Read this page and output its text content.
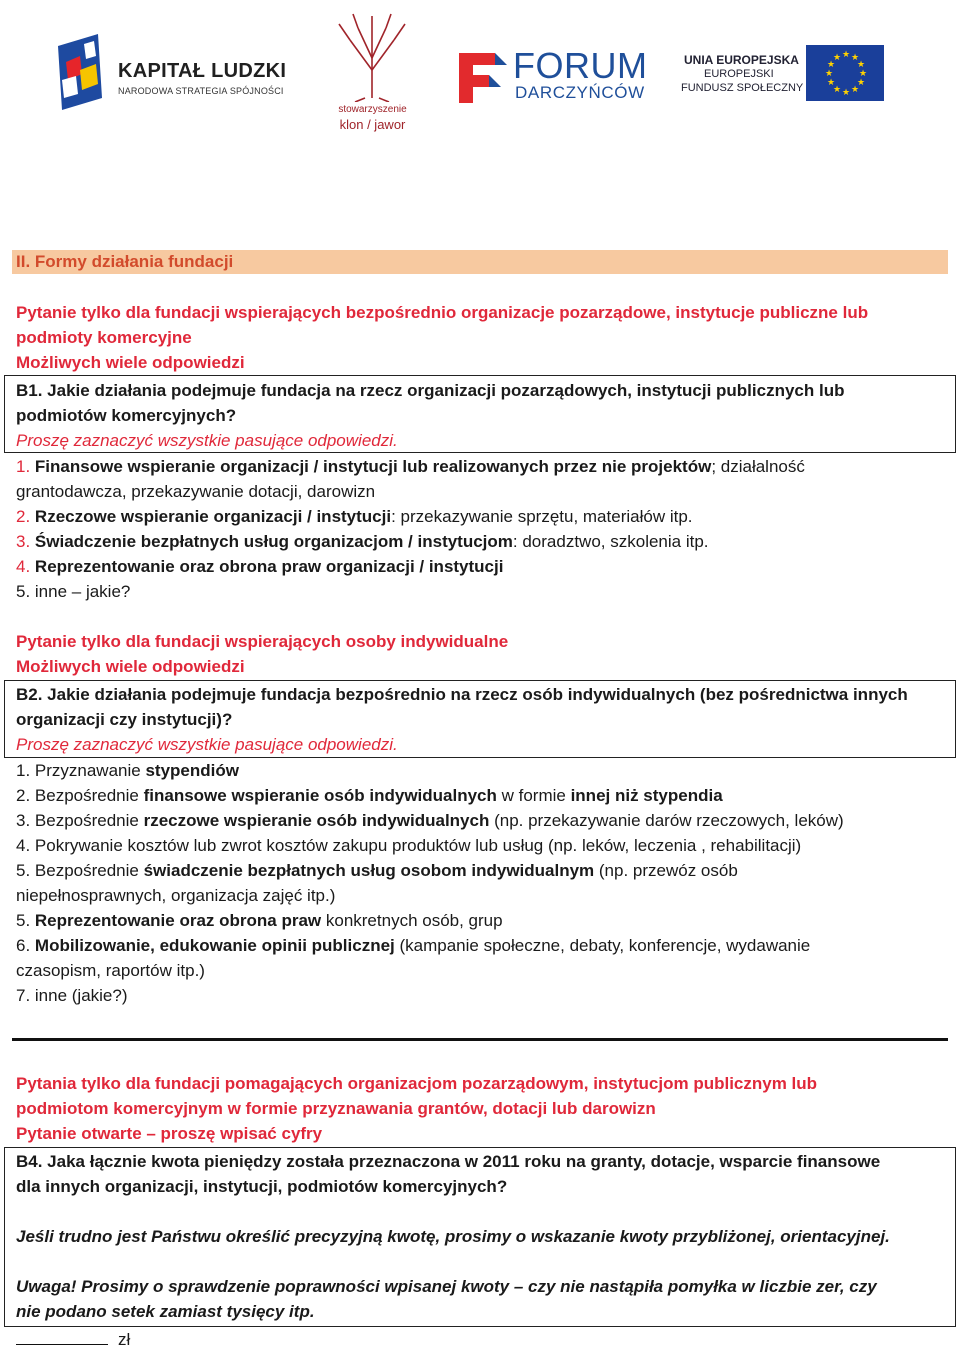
KAPITAŁ LUDZKI
NARODOWA STRATEGIA SPÓJNOŚCI
stowarzyszenie
klon / jawor
FORUM
DARCZYŃCÓW
UNIA EUROPEJSKA
EUROPEJSKI
FUNDUSZ SPOŁECZNY
★ ★
★
★
★
★
★
★
★
★
★
★
II. Formy działania fundacji
Pytanie tylko dla fundacji wspierających bezpośrednio organizacje pozarządowe, instytucje publiczne lub
podmioty komercyjne
Możliwych wiele odpowiedzi
B1. Jakie działania podejmuje fundacja na rzecz organizacji pozarządowych, instytucji publicznych lub
podmiotów komercyjnych?
Proszę zaznaczyć wszystkie pasujące odpowiedzi.
1. Finansowe wspieranie organizacji / instytucji lub realizowanych przez nie projektów; działalność
grantodawcza, przekazywanie dotacji, darowizn
2. Rzeczowe wspieranie organizacji / instytucji: przekazywanie sprzętu, materiałów itp.
3. Świadczenie bezpłatnych usług organizacjom / instytucjom: doradztwo, szkolenia itp.
4. Reprezentowanie oraz obrona praw organizacji / instytucji
5. inne – jakie?
Pytanie tylko dla fundacji wspierających osoby indywidualne
Możliwych wiele odpowiedzi
B2. Jakie działania podejmuje fundacja bezpośrednio na rzecz osób indywidualnych (bez pośrednictwa innych
organizacji czy instytucji)?
Proszę zaznaczyć wszystkie pasujące odpowiedzi.
1. Przyznawanie stypendiów
2. Bezpośrednie finansowe wspieranie osób indywidualnych w formie innej niż stypendia
3. Bezpośrednie rzeczowe wspieranie osób indywidualnych (np. przekazywanie darów rzeczowych, leków)
4. Pokrywanie kosztów lub zwrot kosztów zakupu produktów lub usług (np. leków, leczenia , rehabilitacji)
5. Bezpośrednie świadczenie bezpłatnych usług osobom indywidualnym (np. przewóz osób
niepełnosprawnych, organizacja zajęć itp.)
5. Reprezentowanie oraz obrona praw konkretnych osób, grup
6. Mobilizowanie, edukowanie opinii publicznej (kampanie społeczne, debaty, konferencje, wydawanie
czasopism, raportów itp.)
7. inne (jakie?)
Pytania tylko dla fundacji pomagających organizacjom pozarządowym, instytucjom publicznym lub
podmiotom komercyjnym w formie przyznawania grantów, dotacji lub darowizn
Pytanie otwarte – proszę wpisać cyfry
B4. Jaka łącznie kwota pieniędzy została przeznaczona w 2011 roku na granty, dotacje, wsparcie finansowe
dla innych organizacji, instytucji, podmiotów komercyjnych?
Jeśli trudno jest Państwu określić precyzyjną kwotę, prosimy o wskazanie kwoty przybliżonej, orientacyjnej.
Uwaga! Prosimy o sprawdzenie poprawności wpisanej kwoty – czy nie nastąpiła pomyłka w liczbie zer, czy
nie podano setek zamiast tysięcy itp.
zł
